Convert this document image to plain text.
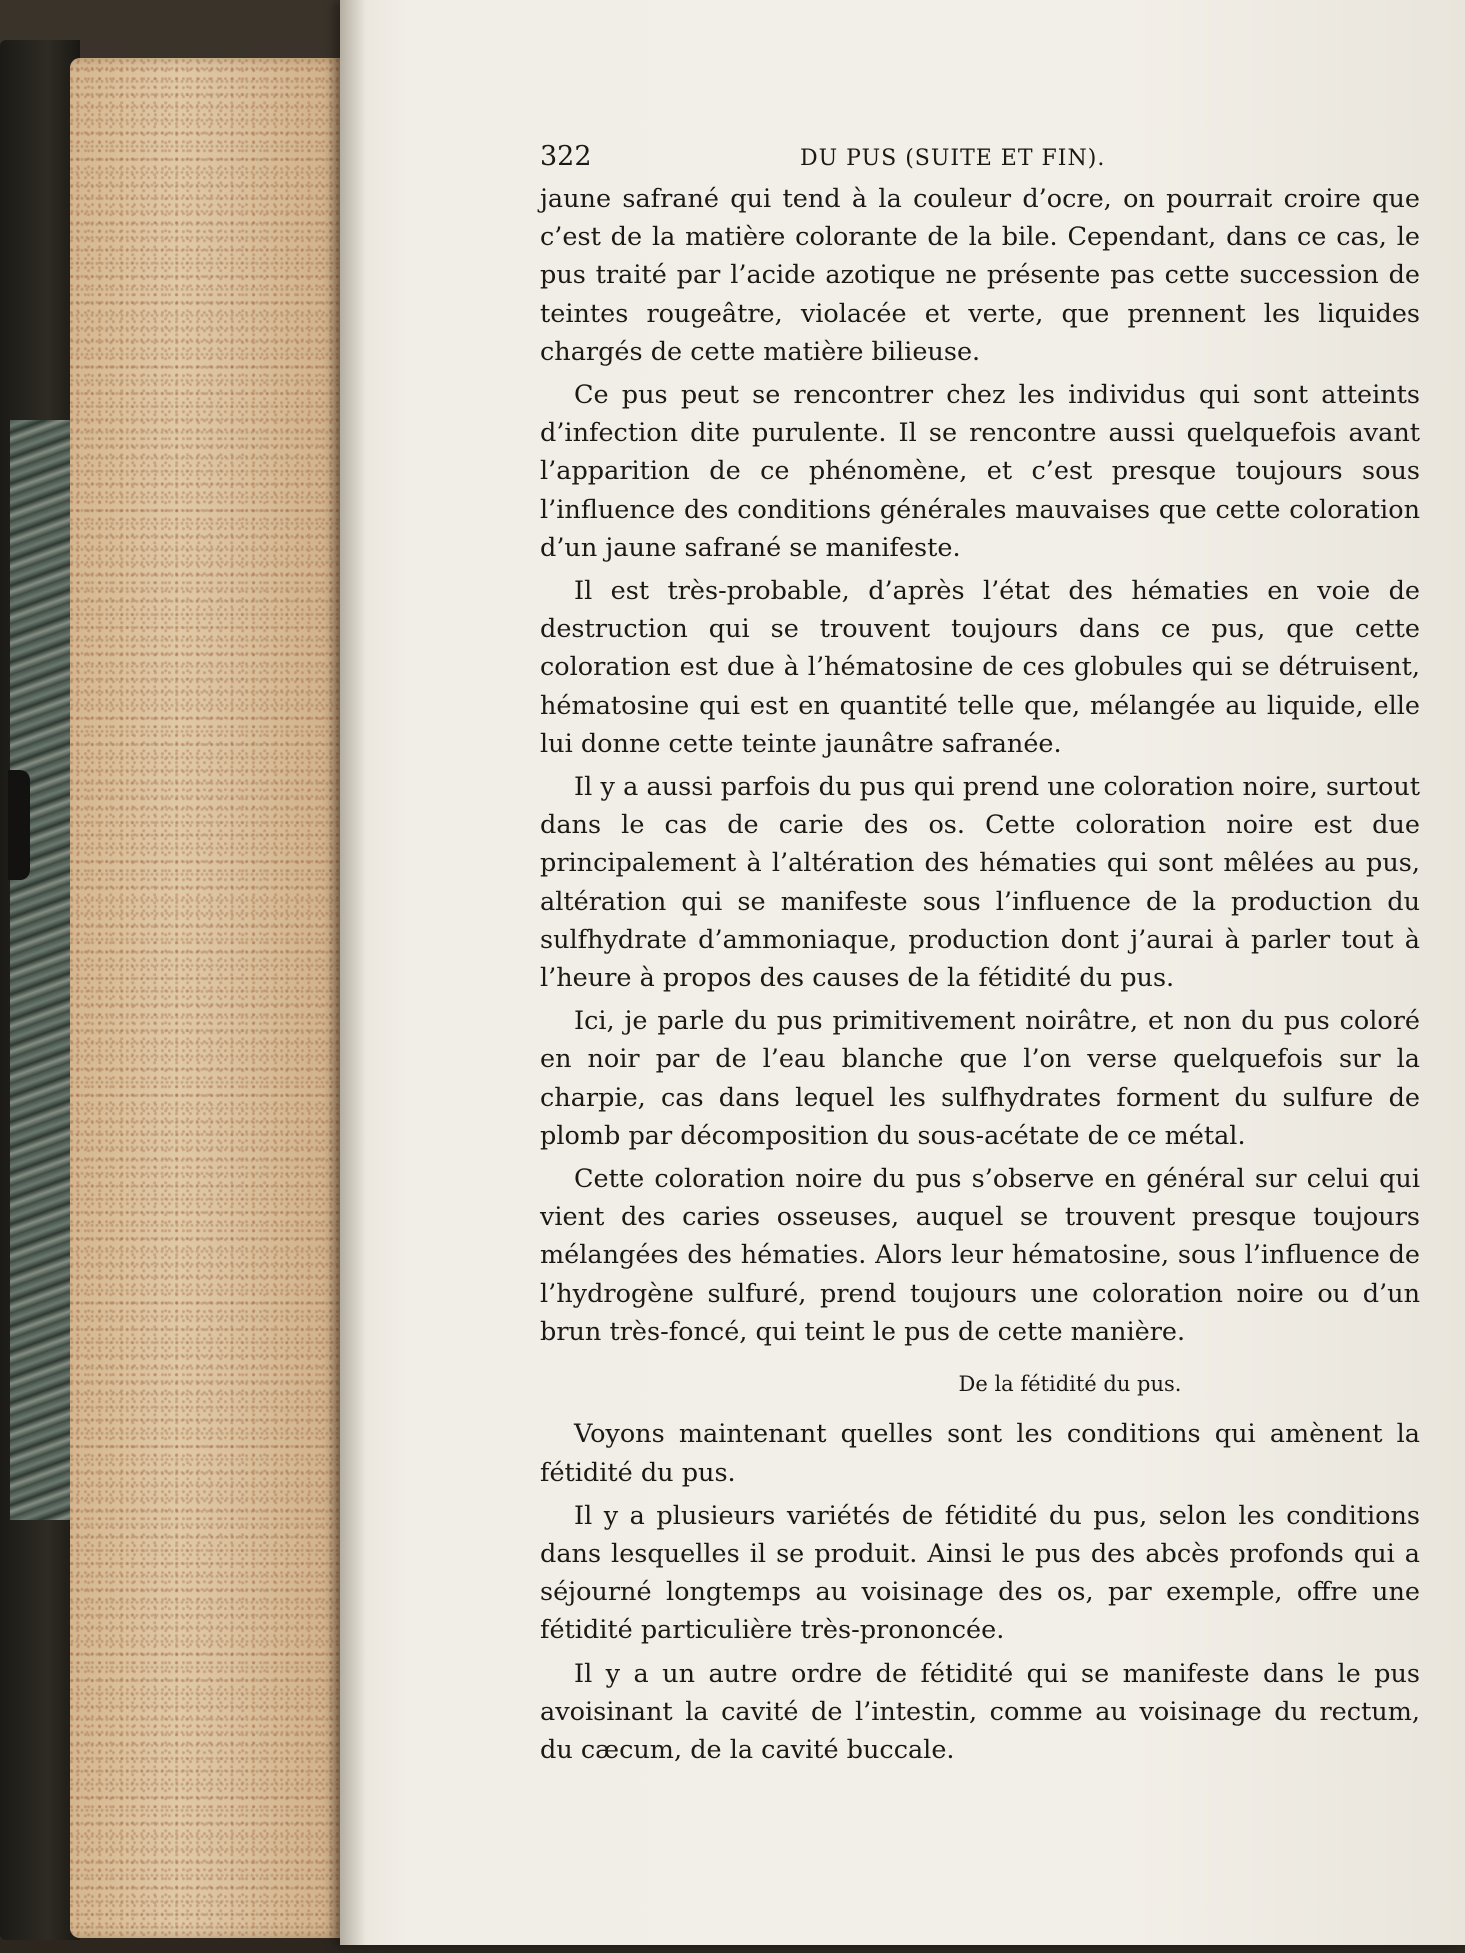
322	DU PUS (SUITE ET FIN).

jaune safrané qui tend à la couleur d’ocre, on pourrait croire que c’est de la matière colorante de la bile. Cependant, dans ce cas, le pus traité par l’acide azotique ne présente pas cette succession de teintes rougeâtre, violacée et verte, que prennent les liquides chargés de cette matière bilieuse.

Ce pus peut se rencontrer chez les individus qui sont atteints d’infection dite purulente. Il se rencontre aussi quelquefois avant l’apparition de ce phénomène, et c’est presque toujours sous l’influence des conditions générales mauvaises que cette coloration d’un jaune safrané se manifeste.

Il est très-probable, d’après l’état des hématies en voie de destruction qui se trouvent toujours dans ce pus, que cette coloration est due à l’hématosine de ces globules qui se détruisent, hématosine qui est en quantité telle que, mélangée au liquide, elle lui donne cette teinte jaunâtre safranée.

Il y a aussi parfois du pus qui prend une coloration noire, surtout dans le cas de carie des os. Cette coloration noire est due principalement à l’altération des hématies qui sont mêlées au pus, altération qui se manifeste sous l’influence de la production du sulfhydrate d’ammoniaque, production dont j’aurai à parler tout à l’heure à propos des causes de la fétidité du pus.

Ici, je parle du pus primitivement noirâtre, et non du pus coloré en noir par de l’eau blanche que l’on verse quelquefois sur la charpie, cas dans lequel les sulfhydrates forment du sulfure de plomb par décomposition du sous-acétate de ce métal.

Cette coloration noire du pus s’observe en général sur celui qui vient des caries osseuses, auquel se trouvent presque toujours mélangées des hématies. Alors leur hématosine, sous l’influence de l’hydrogène sulfuré, prend toujours une coloration noire ou d’un brun très-foncé, qui teint le pus de cette manière.

De la fétidité du pus.

Voyons maintenant quelles sont les conditions qui amènent la fétidité du pus.

Il y a plusieurs variétés de fétidité du pus, selon les conditions dans lesquelles il se produit. Ainsi le pus des abcès profonds qui a séjourné longtemps au voisinage des os, par exemple, offre une fétidité particulière très-prononcée.

Il y a un autre ordre de fétidité qui se manifeste dans le pus avoisinant la cavité de l’intestin, comme au voisinage du rectum, du cæcum, de la cavité buccale.
